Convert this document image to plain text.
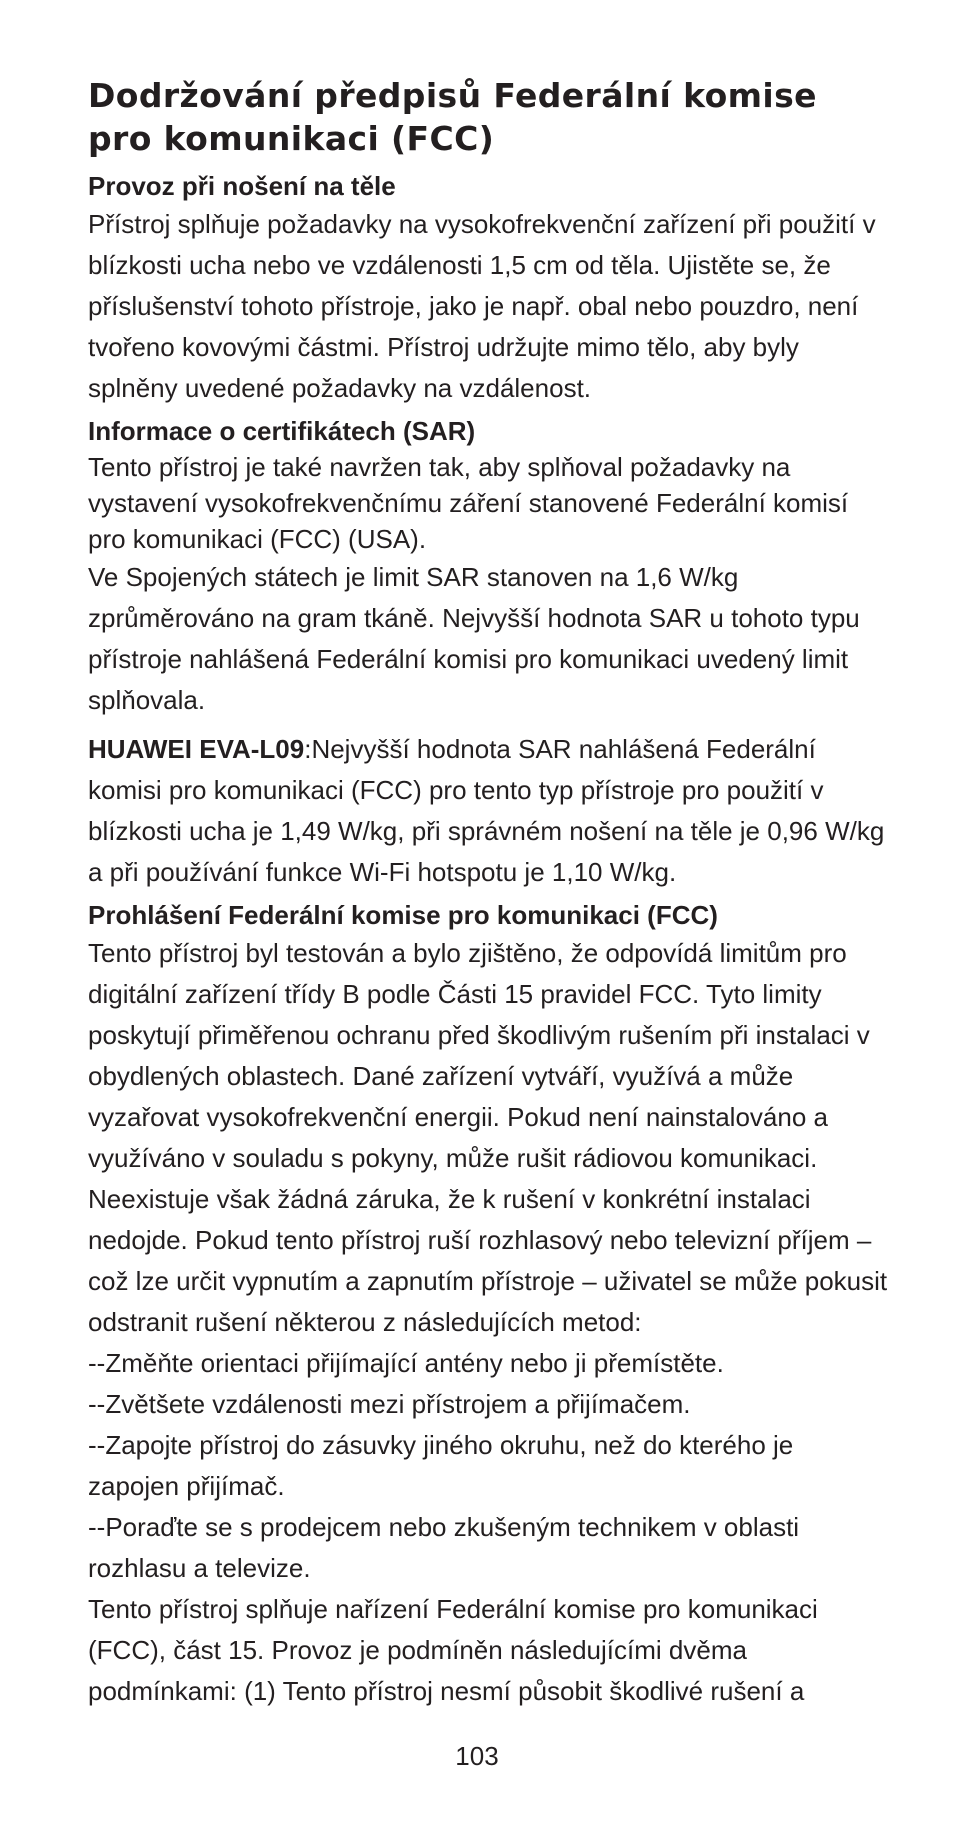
Dodržování předpisů Federální komise pro komunikaci (FCC)
Provoz při nošení na těle

Přístroj splňuje požadavky na vysokofrekvenční zařízení při použití v blízkosti ucha nebo ve vzdálenosti 1,5 cm od těla. Ujistěte se, že příslušenství tohoto přístroje, jako je např. obal nebo pouzdro, není tvořeno kovovými částmi. Přístroj udržujte mimo tělo, aby byly splněny uvedené požadavky na vzdálenost.

Informace o certifikátech (SAR)

Tento přístroj je také navržen tak, aby splňoval požadavky na vystavení vysokofrekvenčnímu záření stanovené Federální komisí pro komunikaci (FCC) (USA).

Ve Spojených státech je limit SAR stanoven na 1,6 W/kg zprůměrováno na gram tkáně. Nejvyšší hodnota SAR u tohoto typu přístroje nahlášená Federální komisi pro komunikaci uvedený limit splňovala.

HUAWEI EVA-L09:Nejvyšší hodnota SAR nahlášená Federální komisi pro komunikaci (FCC) pro tento typ přístroje pro použití v blízkosti ucha je 1,49 W/kg, při správném nošení na těle je 0,96 W/kg a při používání funkce Wi-Fi hotspotu je 1,10 W/kg.

Prohlášení Federální komise pro komunikaci (FCC)

Tento přístroj byl testován a bylo zjištěno, že odpovídá limitům pro digitální zařízení třídy B podle Části 15 pravidel FCC. Tyto limity poskytují přiměřenou ochranu před škodlivým rušením při instalaci v obydlených oblastech. Dané zařízení vytváří, využívá a může vyzařovat vysokofrekvenční energii. Pokud není nainstalováno a využíváno v souladu s pokyny, může rušit rádiovou komunikaci. Neexistuje však žádná záruka, že k rušení v konkrétní instalaci nedojde. Pokud tento přístroj ruší rozhlasový nebo televizní příjem – což lze určit vypnutím a zapnutím přístroje – uživatel se může pokusit odstranit rušení některou z následujících metod:

--Změňte orientaci přijímající antény nebo ji přemístěte.

--Zvětšete vzdálenosti mezi přístrojem a přijímačem.

--Zapojte přístroj do zásuvky jiného okruhu, než do kterého je zapojen přijímač.

--Poraďte se s prodejcem nebo zkušeným technikem v oblasti rozhlasu a televize.

Tento přístroj splňuje nařízení Federální komise pro komunikaci (FCC), část 15. Provoz je podmíněn následujícími dvěma podmínkami: (1) Tento přístroj nesmí působit škodlivé rušení a

103
